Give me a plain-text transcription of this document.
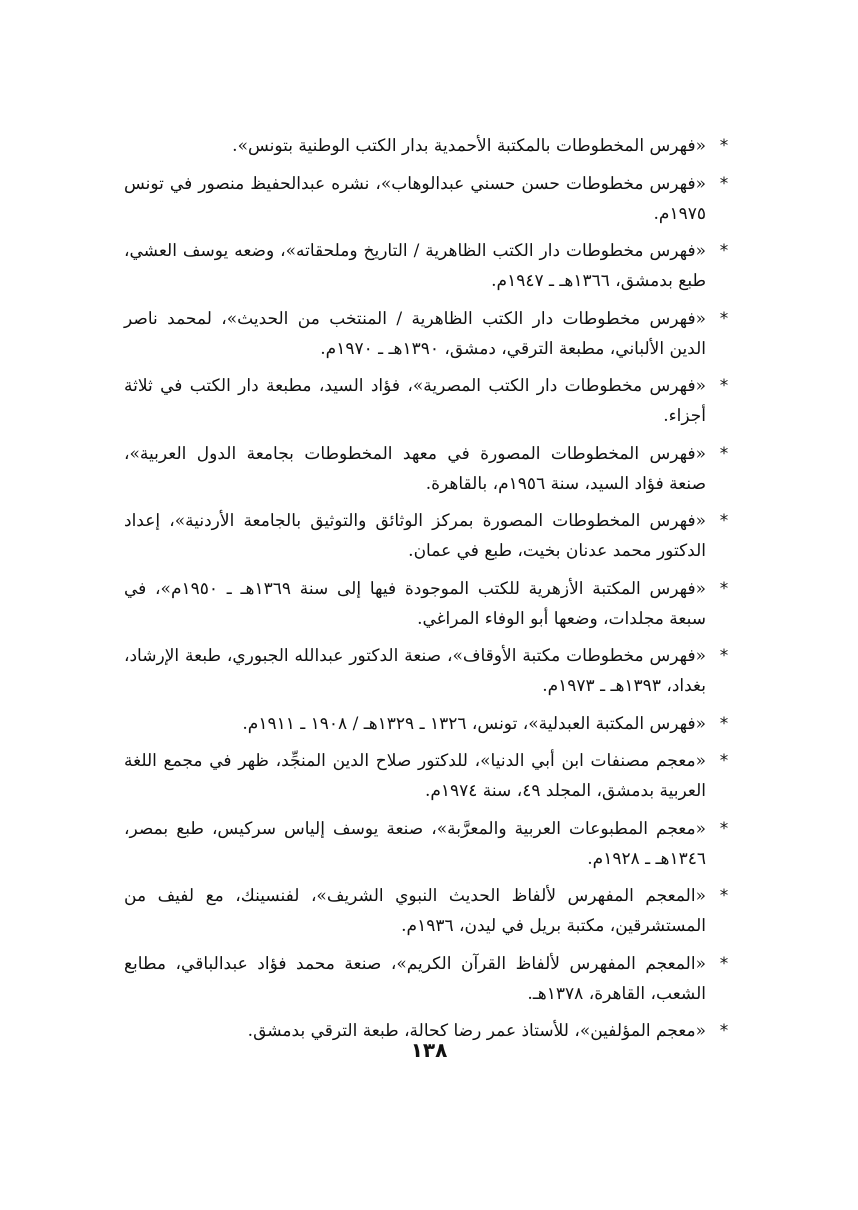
*
«فهرس المخطوطات بالمكتبة الأحمدية بدار الكتب الوطنية بتونس».
*
«فهرس مخطوطات حسن حسني عبدالوهاب»، نشره عبدالحفيظ منصور في تونس ١٩٧٥م.
*
«فهرس مخطوطات دار الكتب الظاهرية / التاريخ وملحقاته»، وضعه يوسف العشي، طبع بدمشق، ١٣٦٦هـ ـ ١٩٤٧م.
*
«فهرس مخطوطات دار الكتب الظاهرية / المنتخب من الحديث»، لمحمد ناصر الدين الألباني، مطبعة الترقي، دمشق، ١٣٩٠هـ ـ ١٩٧٠م.
*
«فهرس مخطوطات دار الكتب المصرية»، فؤاد السيد، مطبعة دار الكتب في ثلاثة أجزاء.
*
«فهرس المخطوطات المصورة في معهد المخطوطات بجامعة الدول العربية»، صنعة فؤاد السيد، سنة ١٩٥٦م، بالقاهرة.
*
«فهرس المخطوطات المصورة بمركز الوثائق والتوثيق بالجامعة الأردنية»، إعداد الدكتور محمد عدنان بخيت، طبع في عمان.
*
«فهرس المكتبة الأزهرية للكتب الموجودة فيها إلى سنة ١٣٦٩هـ ـ ١٩٥٠م»، في سبعة مجلدات، وضعها أبو الوفاء المراغي.
*
«فهرس مخطوطات مكتبة الأوقاف»، صنعة الدكتور عبدالله الجبوري، طبعة الإرشاد، بغداد، ١٣٩٣هـ ـ ١٩٧٣م.
*
«فهرس المكتبة العبدلية»، تونس، ١٣٢٦ ـ ١٣٢٩هـ / ١٩٠٨ ـ ١٩١١م.
*
«معجم مصنفات ابن أبي الدنيا»، للدكتور صلاح الدين المنجِّد، ظهر في مجمع اللغة العربية بدمشق، المجلد ٤٩، سنة ١٩٧٤م.
*
«معجم المطبوعات العربية والمعرَّبة»، صنعة يوسف إلياس سركيس، طبع بمصر، ١٣٤٦هـ ـ ١٩٢٨م.
*
«المعجم المفهرس لألفاظ الحديث النبوي الشريف»، لفنسينك، مع لفيف من المستشرقين، مكتبة بريل في ليدن، ١٩٣٦م.
*
«المعجم المفهرس لألفاظ القرآن الكريم»، صنعة محمد فؤاد عبدالباقي، مطابع الشعب، القاهرة، ١٣٧٨هـ.
*
«معجم المؤلفين»، للأستاذ عمر رضا كحالة، طبعة الترقي بدمشق.
١٣٨
